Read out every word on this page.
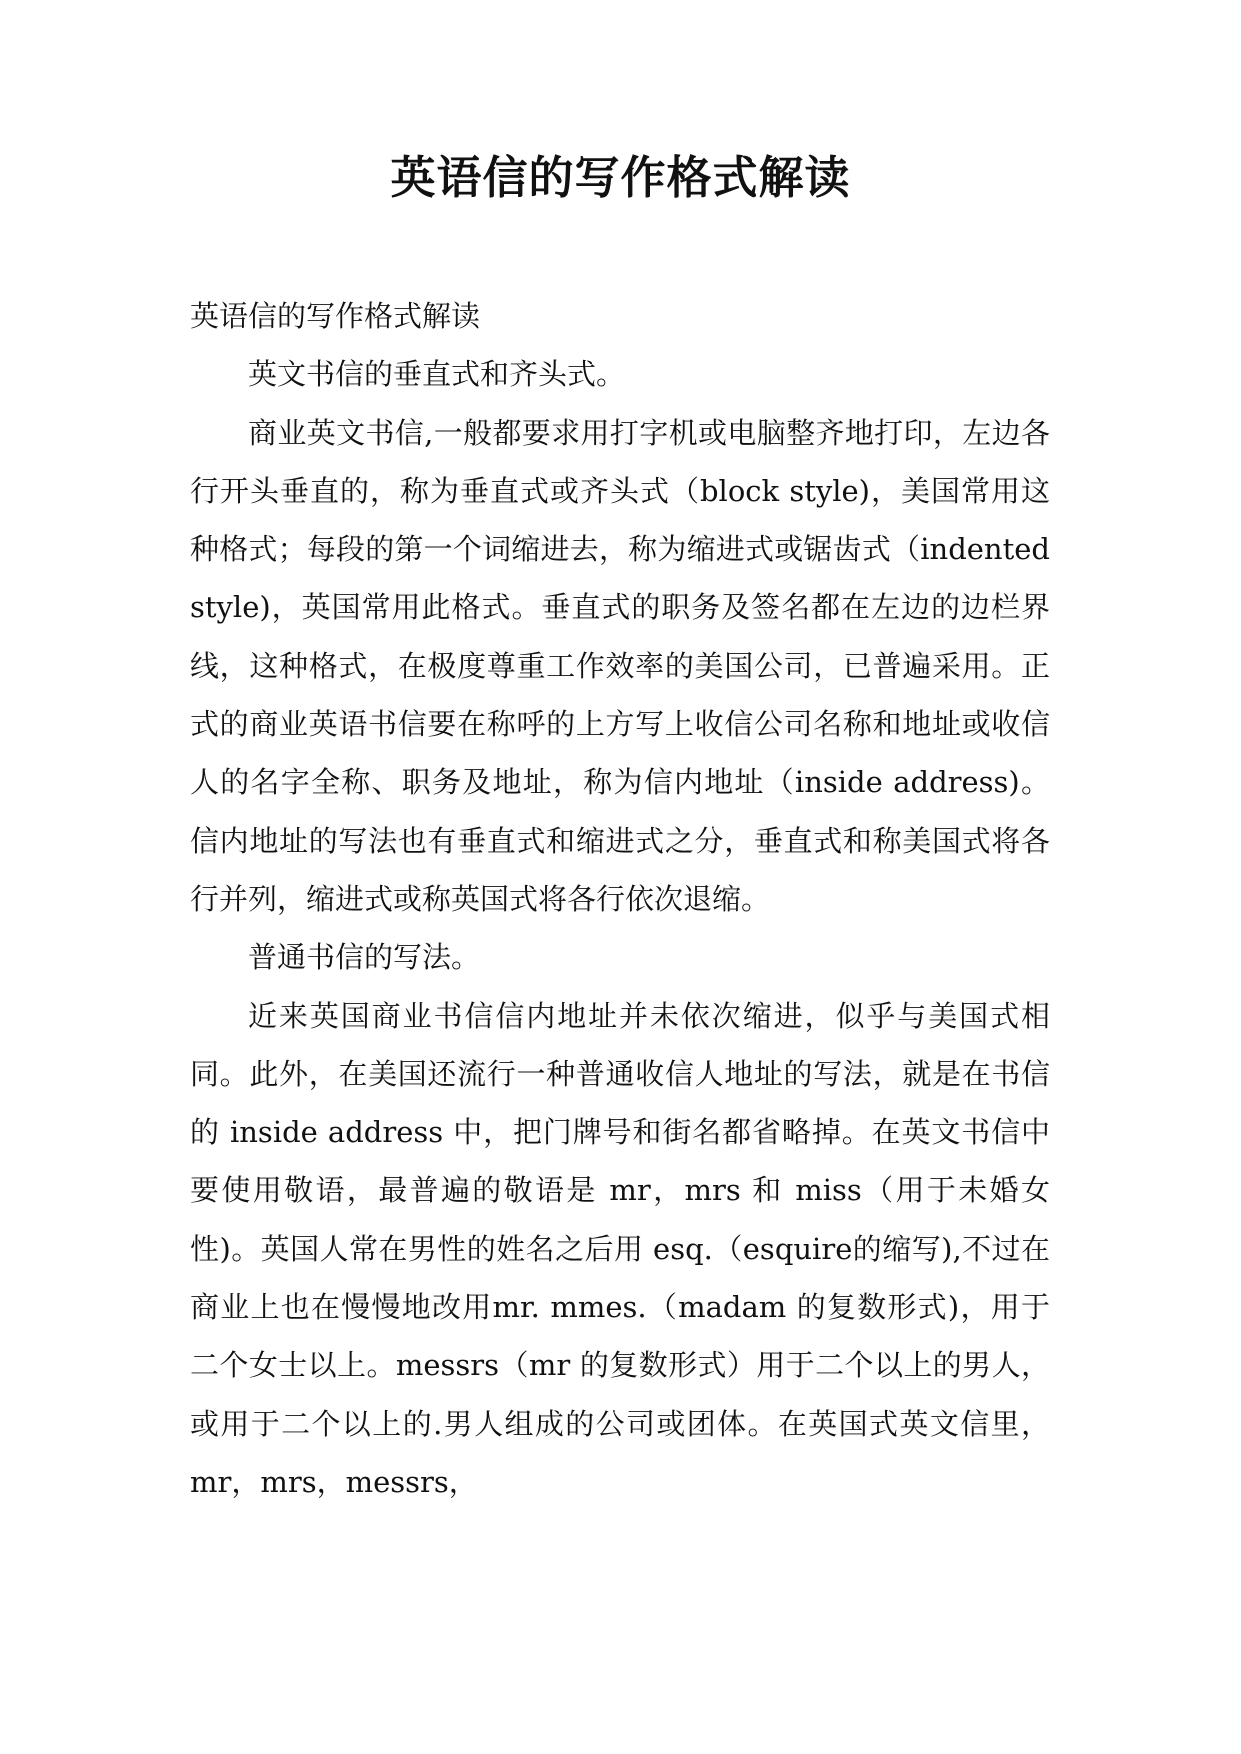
英语信的写作格式解读

英语信的写作格式解读

英文书信的垂直式和齐头式。

商业英文书信,一般都要求用打字机或电脑整齐地打印，左边各行开头垂直的，称为垂直式或齐头式（block style)，美国常用这种格式；每段的第一个词缩进去，称为缩进式或锯齿式（indented style)，英国常用此格式。垂直式的职务及签名都在左边的边栏界线，这种格式，在极度尊重工作效率的美国公司，已普遍采用。正式的商业英语书信要在称呼的上方写上收信公司名称和地址或收信人的名字全称、职务及地址，称为信内地址（inside address)。信内地址的写法也有垂直式和缩进式之分，垂直式和称美国式将各行并列，缩进式或称英国式将各行依次退缩。

普通书信的写法。

近来英国商业书信信内地址并未依次缩进，似乎与美国式相同。此外，在美国还流行一种普通收信人地址的写法，就是在书信的 inside address 中，把门牌号和街名都省略掉。在英文书信中要使用敬语，最普遍的敬语是 mr，mrs 和 miss（用于未婚女性)。英国人常在男性的姓名之后用 esq.（esquire的缩写),不过在商业上也在慢慢地改用mr. mmes.（madam 的复数形式)，用于二个女士以上。messrs（mr 的复数形式）用于二个以上的男人，或用于二个以上的.男人组成的公司或团体。在英国式英文信里，mr，mrs，messrs，
